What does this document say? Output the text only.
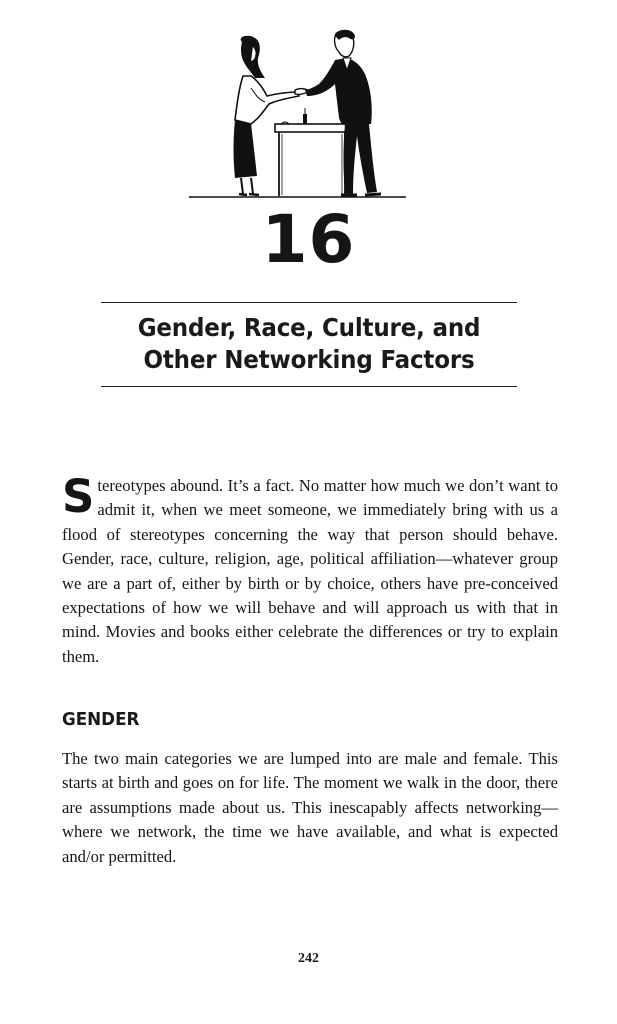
16
Gender, Race, Culture, and
Other Networking Factors

Stereotypes abound. It’s a fact. No matter how much we don’t want to admit it, when we meet someone, we immediately bring with us a flood of stereotypes concerning the way that person should behave. Gender, race, culture, religion, age, political affiliation—whatever group we are a part of, either by birth or by choice, others have pre-conceived expectations of how we will behave and will approach us with that in mind. Movies and books either celebrate the differences or try to explain them.

GENDER

The two main categories we are lumped into are male and female. This starts at birth and goes on for life. The moment we walk in the door, there are assumptions made about us. This inescapably affects networking—where we network, the time we have available, and what is expected and/or permitted.

242
